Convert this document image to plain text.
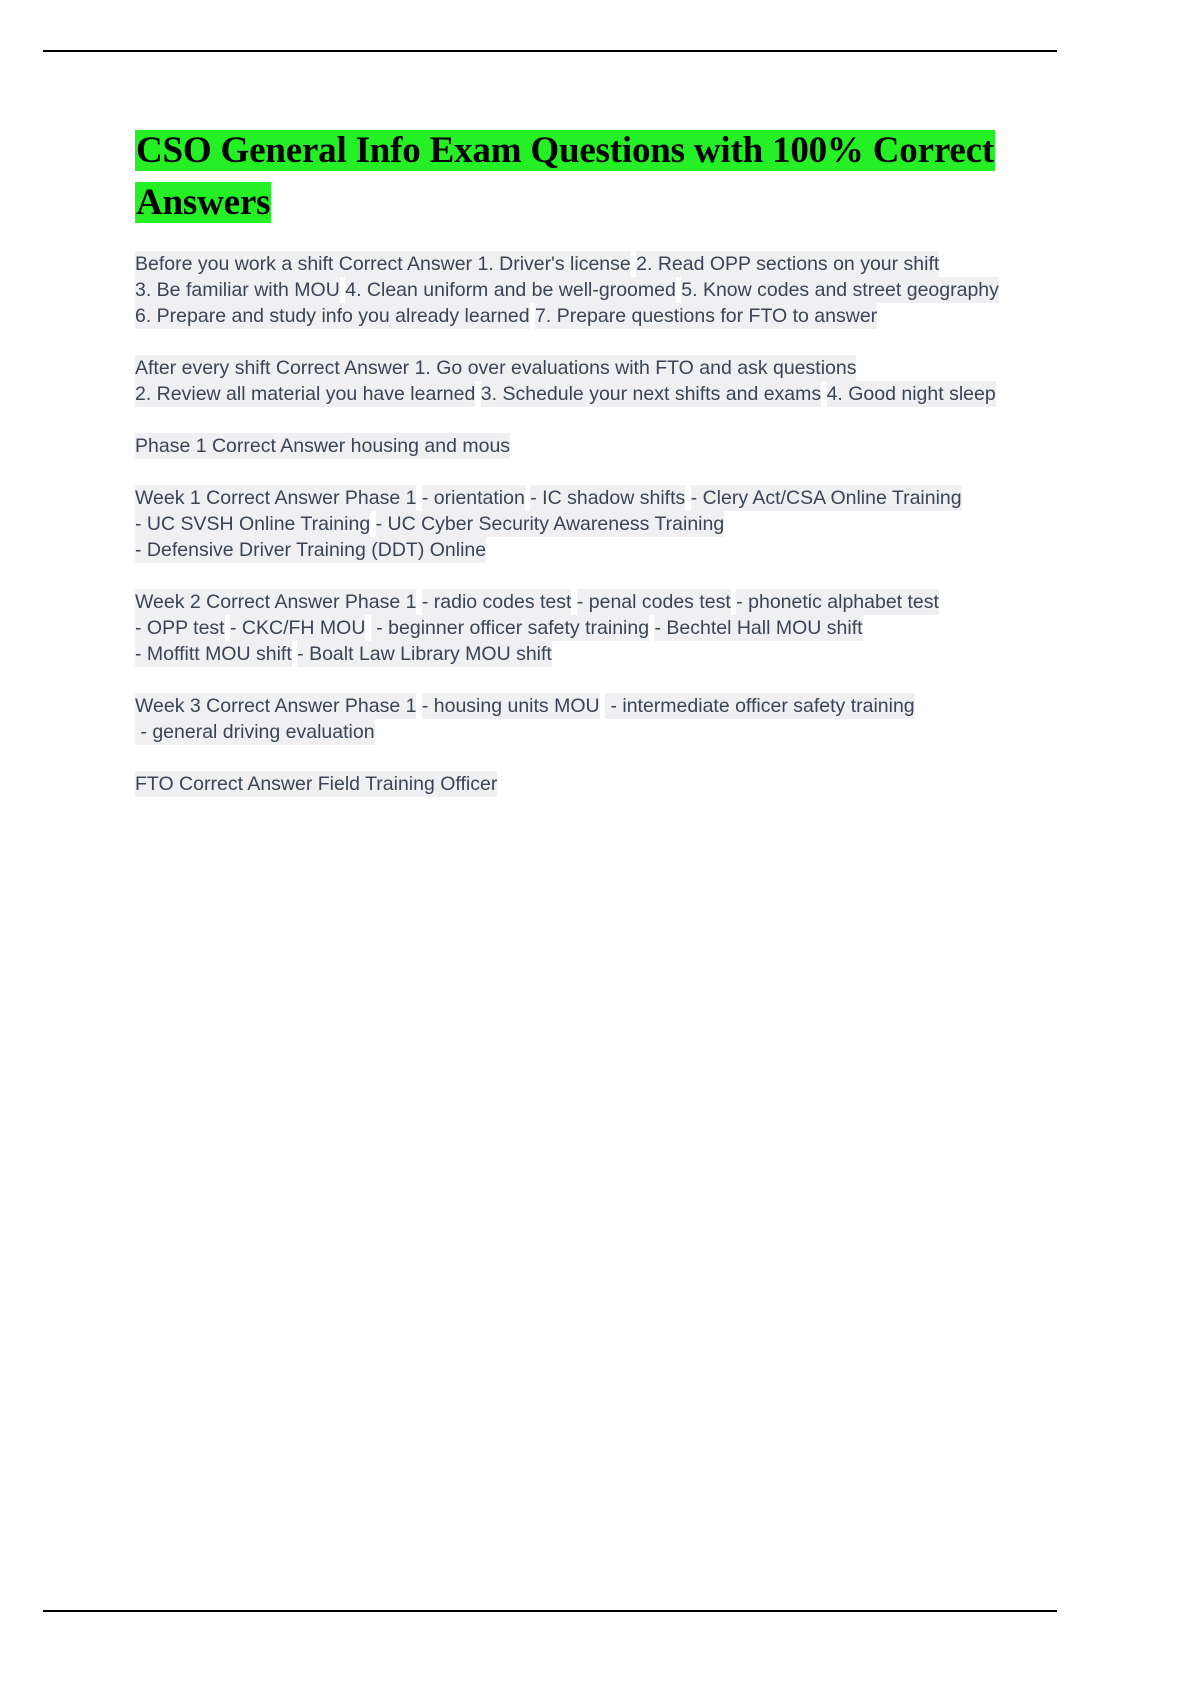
CSO General Info Exam Questions with 100% Correct Answers
Before you work a shift Correct Answer 1. Driver's license 2. Read OPP sections on your shift 3. Be familiar with MOU 4. Clean uniform and be well-groomed 5. Know codes and street geography 6. Prepare and study info you already learned 7. Prepare questions for FTO to answer
After every shift Correct Answer 1. Go over evaluations with FTO and ask questions 2. Review all material you have learned 3. Schedule your next shifts and exams 4. Good night sleep
Phase 1 Correct Answer housing and mous
Week 1 Correct Answer Phase 1 - orientation - IC shadow shifts - Clery Act/CSA Online Training - UC SVSH Online Training - UC Cyber Security Awareness Training - Defensive Driver Training (DDT) Online
Week 2 Correct Answer Phase 1 - radio codes test - penal codes test - phonetic alphabet test - OPP test - CKC/FH MOU  - beginner officer safety training - Bechtel Hall MOU shift - Moffitt MOU shift - Boalt Law Library MOU shift
Week 3 Correct Answer Phase 1 - housing units MOU  - intermediate officer safety training  - general driving evaluation
FTO Correct Answer Field Training Officer
